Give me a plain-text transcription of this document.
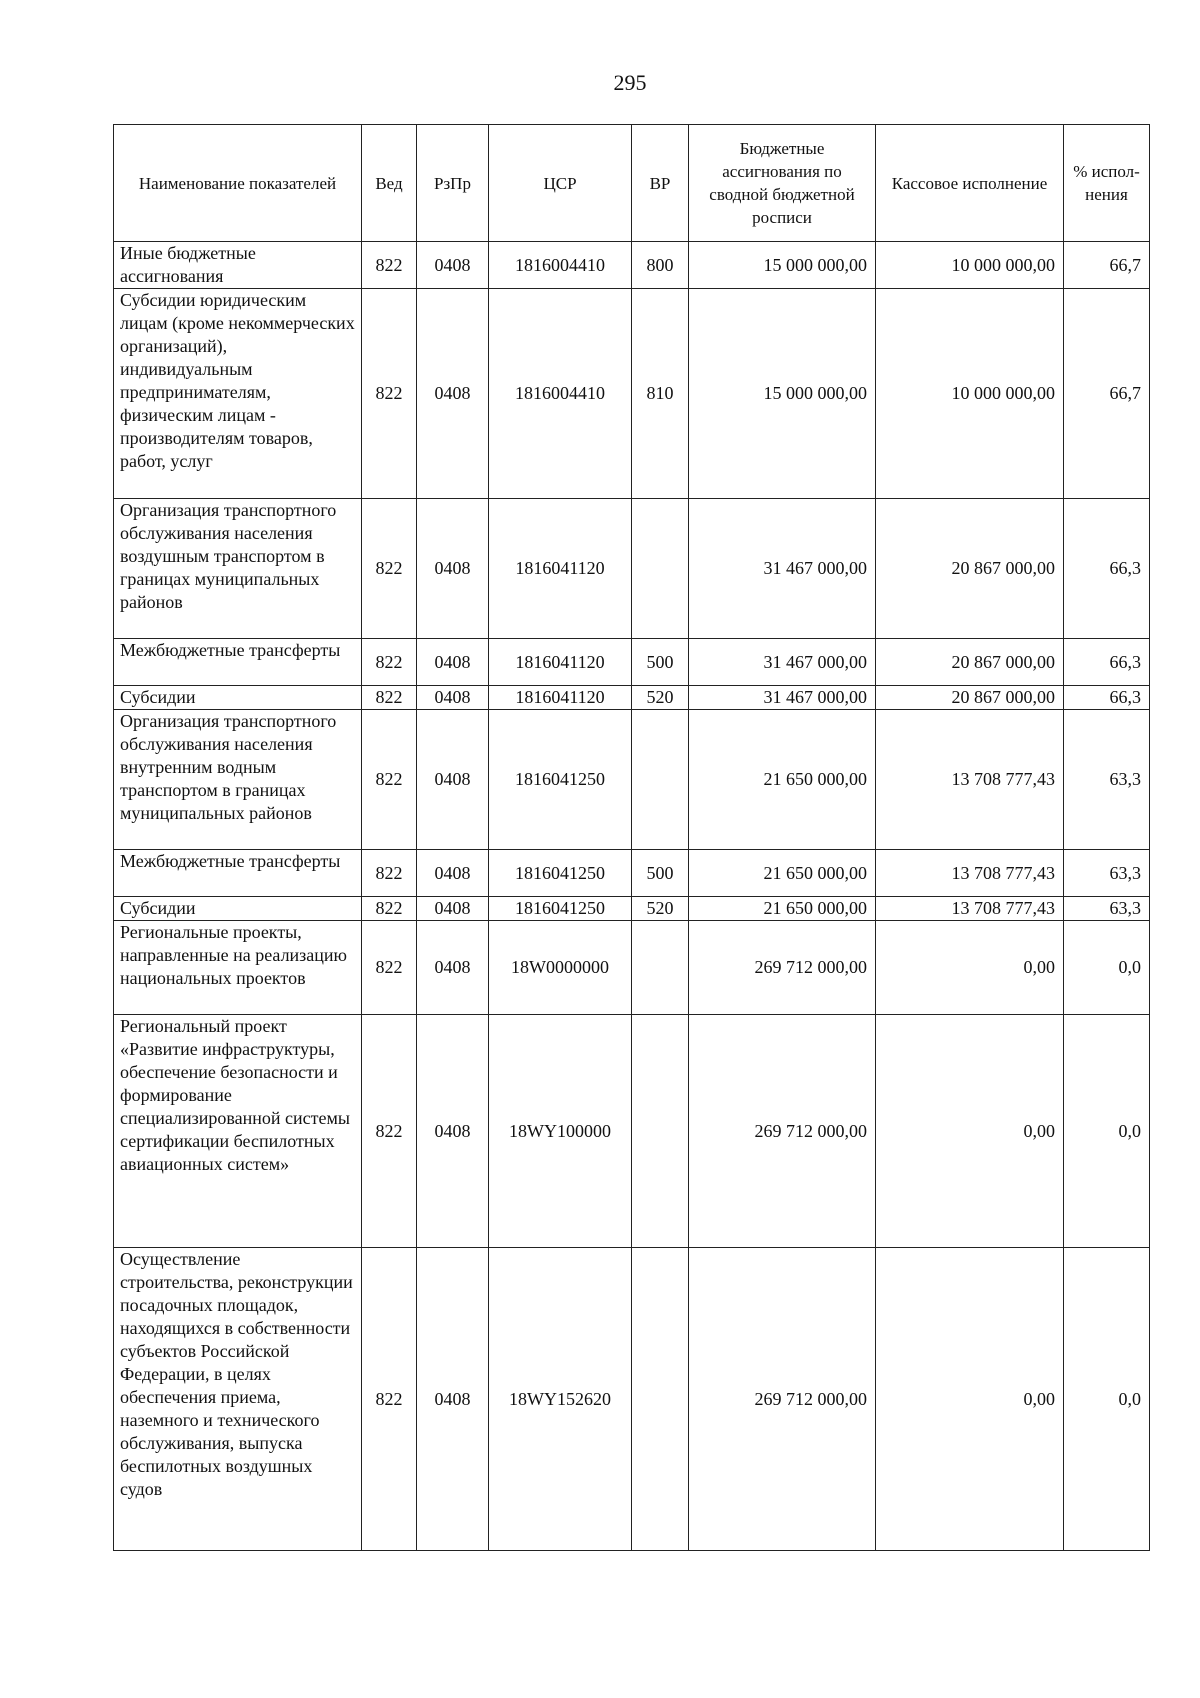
295
Наименование показателей	Вед	РзПр	ЦСР	ВР	Бюджетные ассигнования по сводной бюджетной росписи	Кассовое исполнение	% испол-нения
Иные бюджетные ассигнования	822	0408	1816004410	800	15 000 000,00	10 000 000,00	66,7
Субсидии юридическим лицам (кроме некоммерческих организаций), индивидуальным предпринимателям, физическим лицам - производителям товаров, работ, услуг	822	0408	1816004410	810	15 000 000,00	10 000 000,00	66,7
Организация транспортного обслуживания населения воздушным транспортом в границах муниципальных районов	822	0408	1816041120		31 467 000,00	20 867 000,00	66,3
Межбюджетные трансферты	822	0408	1816041120	500	31 467 000,00	20 867 000,00	66,3
Субсидии	822	0408	1816041120	520	31 467 000,00	20 867 000,00	66,3
Организация транспортного обслуживания населения внутренним водным транспортом в границах муниципальных районов	822	0408	1816041250		21 650 000,00	13 708 777,43	63,3
Межбюджетные трансферты	822	0408	1816041250	500	21 650 000,00	13 708 777,43	63,3
Субсидии	822	0408	1816041250	520	21 650 000,00	13 708 777,43	63,3
Региональные проекты, направленные на реализацию национальных проектов	822	0408	18W0000000		269 712 000,00	0,00	0,0
Региональный проект «Развитие инфраструктуры, обеспечение безопасности и формирование специализированной системы сертификации беспилотных авиационных систем»	822	0408	18WY100000		269 712 000,00	0,00	0,0
Осуществление строительства, реконструкции посадочных площадок, находящихся в собственности субъектов Российской Федерации, в целях обеспечения приема, наземного и технического обслуживания, выпуска беспилотных воздушных судов	822	0408	18WY152620		269 712 000,00	0,00	0,0
